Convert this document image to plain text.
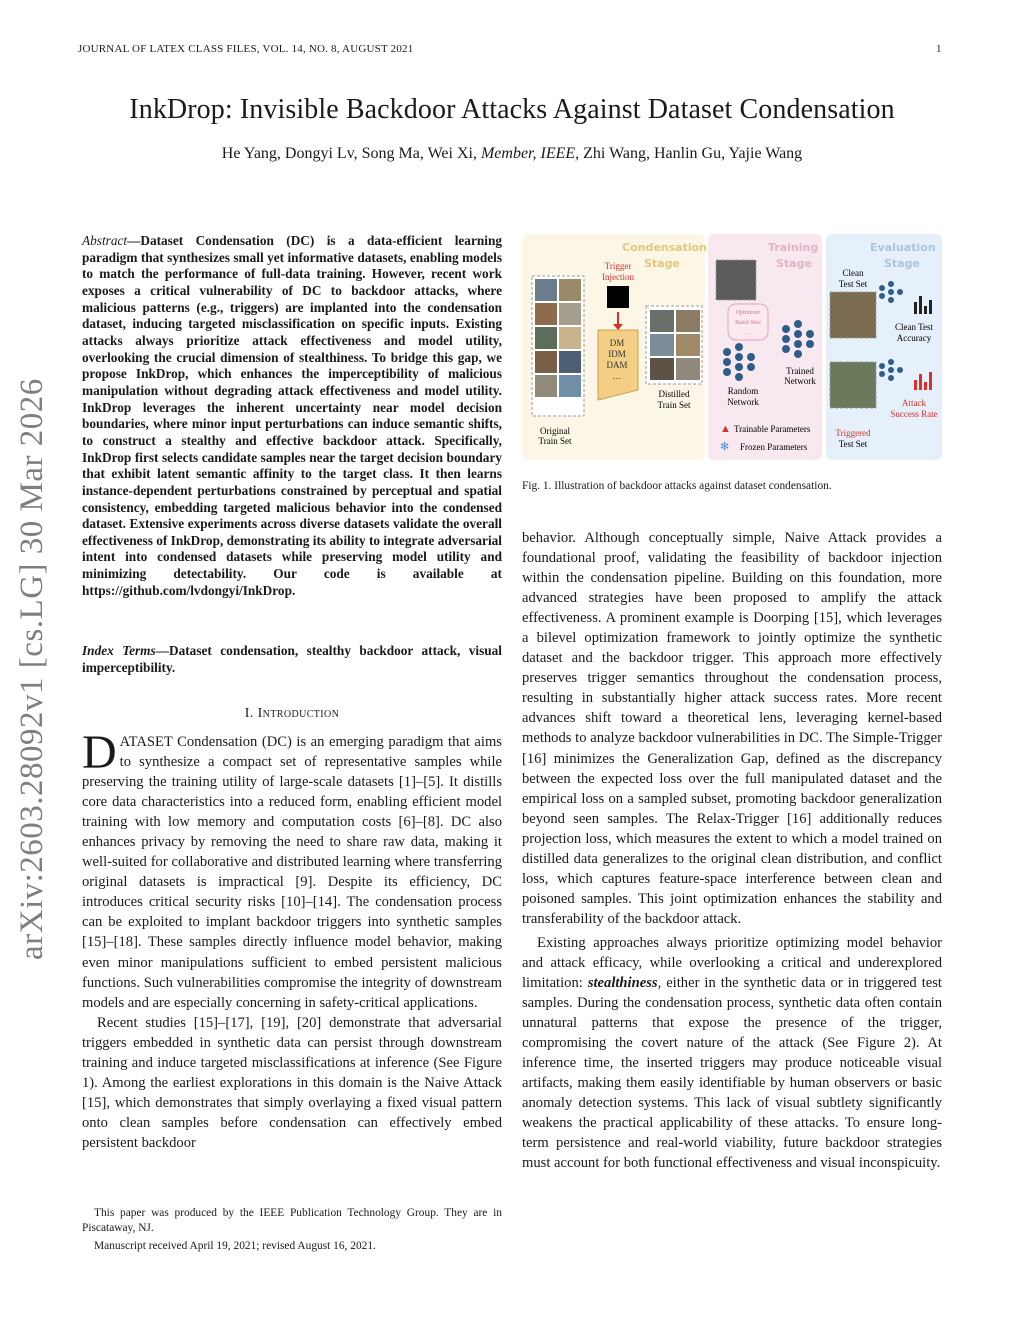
JOURNAL OF LATEX CLASS FILES, VOL. 14, NO. 8, AUGUST 2021	1
arXiv:2603.28092v1 [cs.LG] 30 Mar 2026
InkDrop: Invisible Backdoor Attacks Against Dataset Condensation
He Yang, Dongyi Lv, Song Ma, Wei Xi, Member, IEEE, Zhi Wang, Hanlin Gu, Yajie Wang
Abstract—Dataset Condensation (DC) is a data-efficient learning paradigm that synthesizes small yet informative datasets, enabling models to match the performance of full-data training. However, recent work exposes a critical vulnerability of DC to backdoor attacks, where malicious patterns (e.g., triggers) are implanted into the condensation dataset, inducing targeted misclassification on specific inputs. Existing attacks always prioritize attack effectiveness and model utility, overlooking the crucial dimension of stealthiness. To bridge this gap, we propose InkDrop, which enhances the imperceptibility of malicious manipulation without degrading attack effectiveness and model utility. InkDrop leverages the inherent uncertainty near model decision boundaries, where minor input perturbations can induce semantic shifts, to construct a stealthy and effective backdoor attack. Specifically, InkDrop first selects candidate samples near the target decision boundary that exhibit latent semantic affinity to the target class. It then learns instance-dependent perturbations constrained by perceptual and spatial consistency, embedding targeted malicious behavior into the condensed dataset. Extensive experiments across diverse datasets validate the overall effectiveness of InkDrop, demonstrating its ability to integrate adversarial intent into condensed datasets while preserving model utility and minimizing detectability. Our code is available at https://github.com/lvdongyi/InkDrop.
Index Terms—Dataset condensation, stealthy backdoor attack, visual imperceptibility.
I. Introduction

DATASET Condensation (DC) is an emerging paradigm that aims to synthesize a compact set of representative samples while preserving the training utility of large-scale datasets [1]–[5]. It distills core data characteristics into a reduced form, enabling efficient model training with low memory and computation costs [6]–[8]. DC also enhances privacy by removing the need to share raw data, making it well-suited for collaborative and distributed learning where transferring original datasets is impractical [9]. Despite its efficiency, DC introduces critical security risks [10]–[14]. The condensation process can be exploited to implant backdoor triggers into synthetic samples [15]–[18]. These samples directly influence model behavior, making even minor manipulations sufficient to embed persistent malicious functions. Such vulnerabilities compromise the integrity of downstream models and are especially concerning in safety-critical applications.

Recent studies [15]–[17], [19], [20] demonstrate that adversarial triggers embedded in synthetic data can persist through downstream training and induce targeted misclassifications at inference (See Figure 1). Among the earliest explorations in this domain is the Naive Attack [15], which demonstrates that simply overlaying a fixed visual pattern onto clean samples before condensation can effectively embed persistent backdoor

This paper was produced by the IEEE Publication Technology Group. They are in Piscataway, NJ.

Manuscript received April 19, 2021; revised August 16, 2021.

Condensation
Stage
Training
Stage
Evaluation
Stage
Original
Train Set
Trigger
Injection
DM
IDM
DAM
…
Distilled
Train Set
Optimizer
Batch Size
…
Random
Network
Trained
Network
▲ Trainable Parameters
✻ Frozen Parameters
Clean
Test Set
Clean Test
Accuracy
Attack
Success Rate
Triggered
Test Set
Fig. 1. Illustration of backdoor attacks against dataset condensation.

behavior. Although conceptually simple, Naive Attack provides a foundational proof, validating the feasibility of backdoor injection within the condensation pipeline. Building on this foundation, more advanced strategies have been proposed to amplify the attack effectiveness. A prominent example is Doorping [15], which leverages a bilevel optimization framework to jointly optimize the synthetic dataset and the backdoor trigger. This approach more effectively preserves trigger semantics throughout the condensation process, resulting in substantially higher attack success rates. More recent advances shift toward a theoretical lens, leveraging kernel-based methods to analyze backdoor vulnerabilities in DC. The Simple-Trigger [16] minimizes the Generalization Gap, defined as the discrepancy between the expected loss over the full manipulated dataset and the empirical loss on a sampled subset, promoting backdoor generalization beyond seen samples. The Relax-Trigger [16] additionally reduces projection loss, which measures the extent to which a model trained on distilled data generalizes to the original clean distribution, and conflict loss, which captures feature-space interference between clean and poisoned samples. This joint optimization enhances the stability and transferability of the backdoor attack.

Existing approaches always prioritize optimizing model behavior and attack efficacy, while overlooking a critical and underexplored limitation: stealthiness, either in the synthetic data or in triggered test samples. During the condensation process, synthetic data often contain unnatural patterns that expose the presence of the trigger, compromising the covert nature of the attack (See Figure 2). At inference time, the inserted triggers may produce noticeable visual artifacts, making them easily identifiable by human observers or basic anomaly detection systems. This lack of visual subtlety significantly weakens the practical applicability of these attacks. To ensure long-term persistence and real-world viability, future backdoor strategies must account for both functional effectiveness and visual inconspicuity.
